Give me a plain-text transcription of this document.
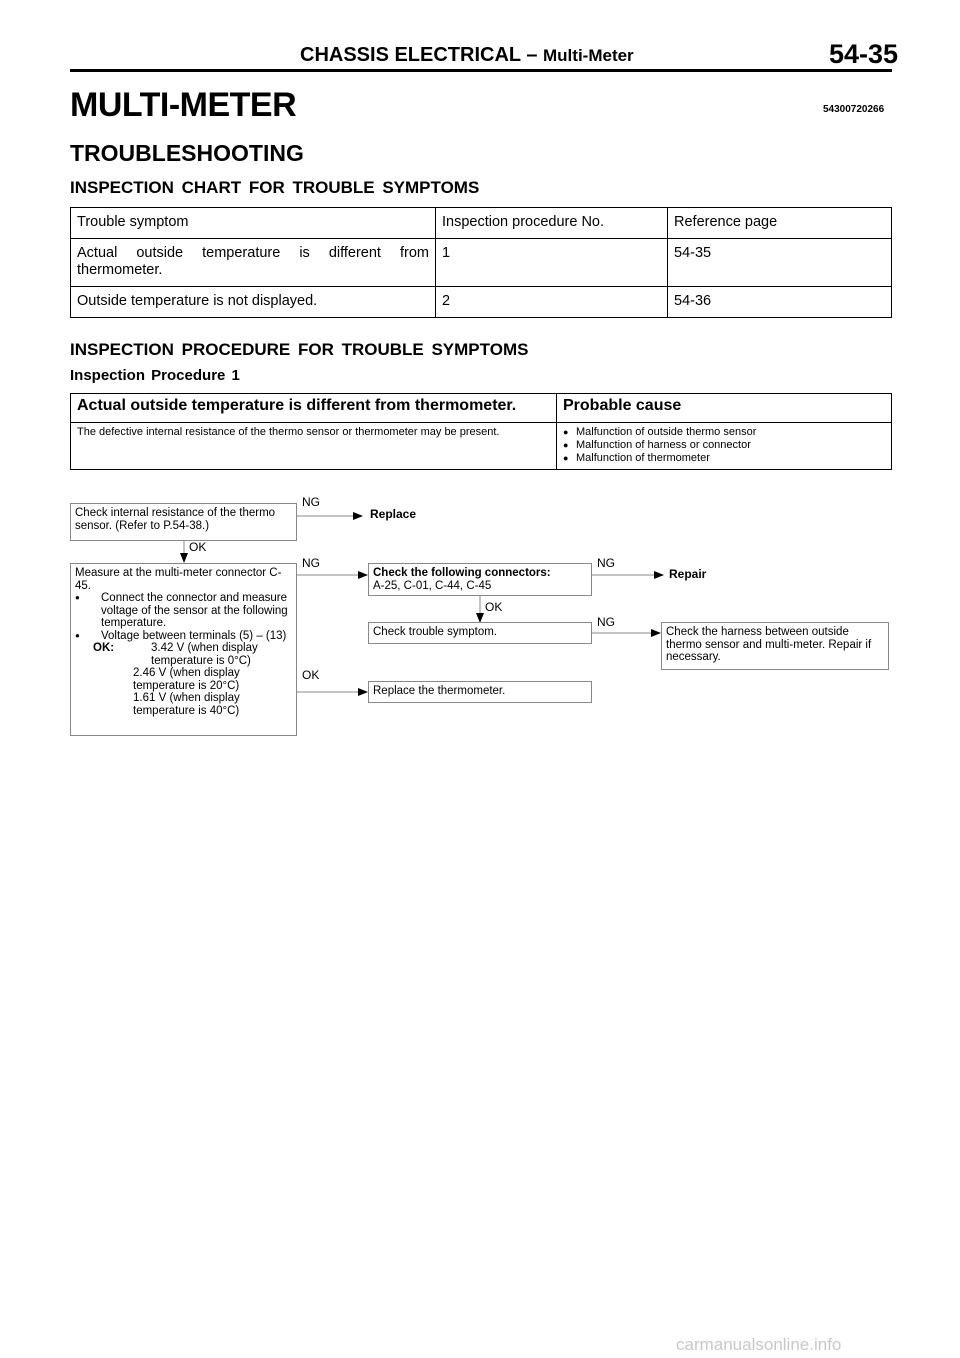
CHASSIS ELECTRICAL – Multi-Meter	54-35
MULTI-METER	54300720266
TROUBLESHOOTING
INSPECTION CHART FOR TROUBLE SYMPTOMS
Trouble symptom	Inspection procedure No.	Reference page
Actual outside temperature is different from thermometer.	1	54-35
Outside temperature is not displayed.	2	54-36
INSPECTION PROCEDURE FOR TROUBLE SYMPTOMS
Inspection Procedure 1
Actual outside temperature is different from thermometer.	Probable cause
The defective internal resistance of the thermo sensor or thermometer may be present.	● Malfunction of outside thermo sensor
● Malfunction of harness or connector
● Malfunction of thermometer
Check internal resistance of the thermo sensor. (Refer to P.54-38.)
NG
Replace
OK
Measure at the multi-meter connector C-45.
● Connect the connector and measure voltage of the sensor at the following temperature.
● Voltage between terminals (5) – (13)
OK:	3.42 V (when display temperature is 0°C)
2.46 V (when display temperature is 20°C)
1.61 V (when display temperature is 40°C)
NG
OK
Check the following connectors:
A-25, C-01, C-44, C-45
NG
Repair
OK
Check trouble symptom.
NG
Check the harness between outside thermo sensor and multi-meter. Repair if necessary.
Replace the thermometer.
carmanualsonline.info
